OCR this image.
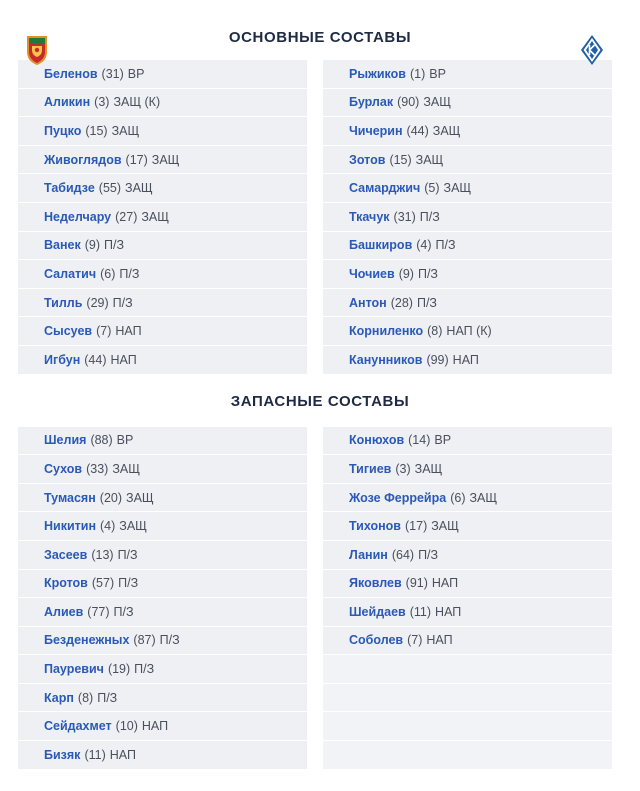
ОСНОВНЫЕ СОСТАВЫ
Беленов (31) ВР
Аликин (3) ЗАЩ (К)
Пуцко (15) ЗАЩ
Живоглядов (17) ЗАЩ
Табидзе (55) ЗАЩ
Неделчару (27) ЗАЩ
Ванек (9) П/З
Салатич (6) П/З
Тилль (29) П/З
Сысуев (7) НАП
Игбун (44) НАП
Рыжиков (1) ВР
Бурлак (90) ЗАЩ
Чичерин (44) ЗАЩ
Зотов (15) ЗАЩ
Самарджич (5) ЗАЩ
Ткачук (31) П/З
Башкиров (4) П/З
Чочиев (9) П/З
Антон (28) П/З
Корниленко (8) НАП (К)
Канунников (99) НАП
ЗАПАСНЫЕ СОСТАВЫ
Шелия (88) ВР
Сухов (33) ЗАЩ
Тумасян (20) ЗАЩ
Никитин (4) ЗАЩ
Засеев (13) П/З
Кротов (57) П/З
Алиев (77) П/З
Безденежных (87) П/З
Пауревич (19) П/З
Карп (8) П/З
Сейдахмет (10) НАП
Бизяк (11) НАП
Конюхов (14) ВР
Тигиев (3) ЗАЩ
Жозе Феррейра (6) ЗАЩ
Тихонов (17) ЗАЩ
Ланин (64) П/З
Яковлев (91) НАП
Шейдаев (11) НАП
Соболев (7) НАП
